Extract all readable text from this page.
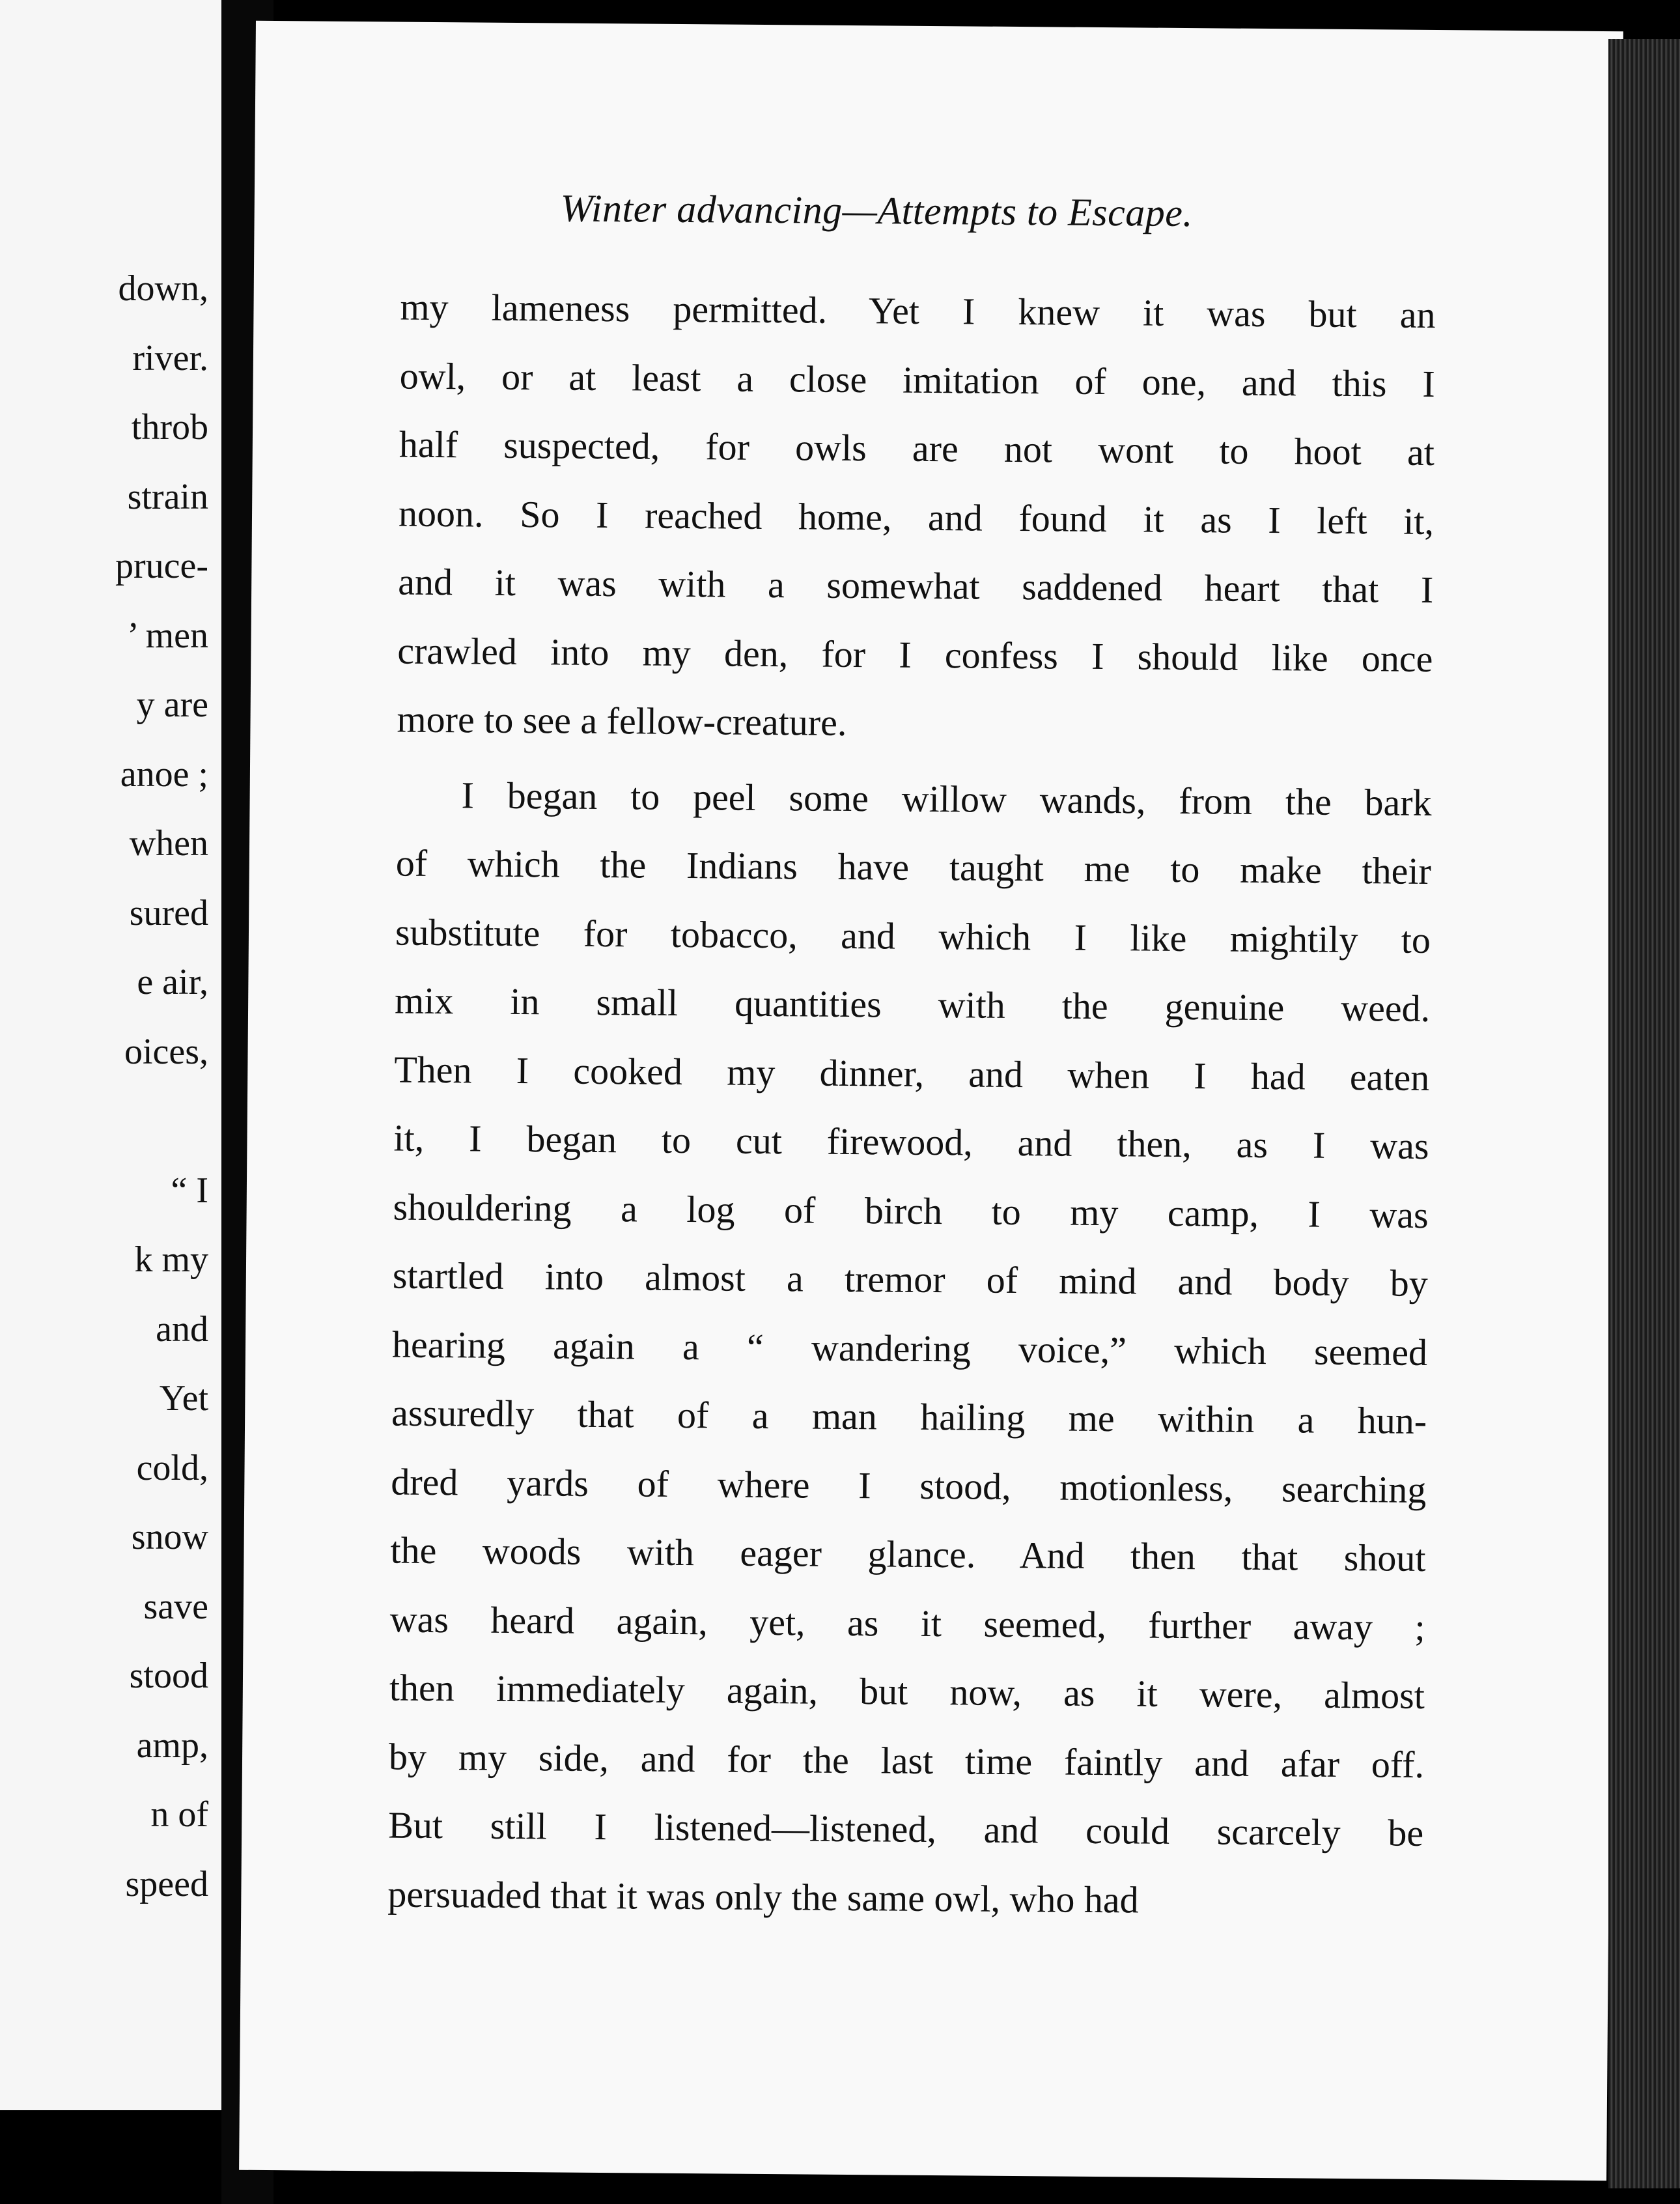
down,
river.
throb
strain
pruce-
’ men
y are
anoe ;
when
sured
e air,
oices,
“ I
k my
and
Yet
cold,
snow
save
stood
amp,
n of
speed
Winter advancing—Attempts to Escape.

my lameness permitted. Yet I knew it was but an

owl, or at least a close imitation of one, and this I

half suspected, for owls are not wont to hoot at

noon. So I reached home, and found it as I left it,

and it was with a somewhat saddened heart that I

crawled into my den, for I confess I should like once

more to see a fellow-creature.

I began to peel some willow wands, from the bark

of which the Indians have taught me to make their

substitute for tobacco, and which I like mightily to

mix in small quantities with the genuine weed.

Then I cooked my dinner, and when I had eaten

it, I began to cut firewood, and then, as I was

shouldering a log of birch to my camp, I was

startled into almost a tremor of mind and body by

hearing again a “ wandering voice,” which seemed

assuredly that of a man hailing me within a hun-

dred yards of where I stood, motionless, searching

the woods with eager glance. And then that shout

was heard again, yet, as it seemed, further away ;

then immediately again, but now, as it were, almost

by my side, and for the last time faintly and afar off.

But still I listened—listened, and could scarcely be

persuaded that it was only the same owl, who had
